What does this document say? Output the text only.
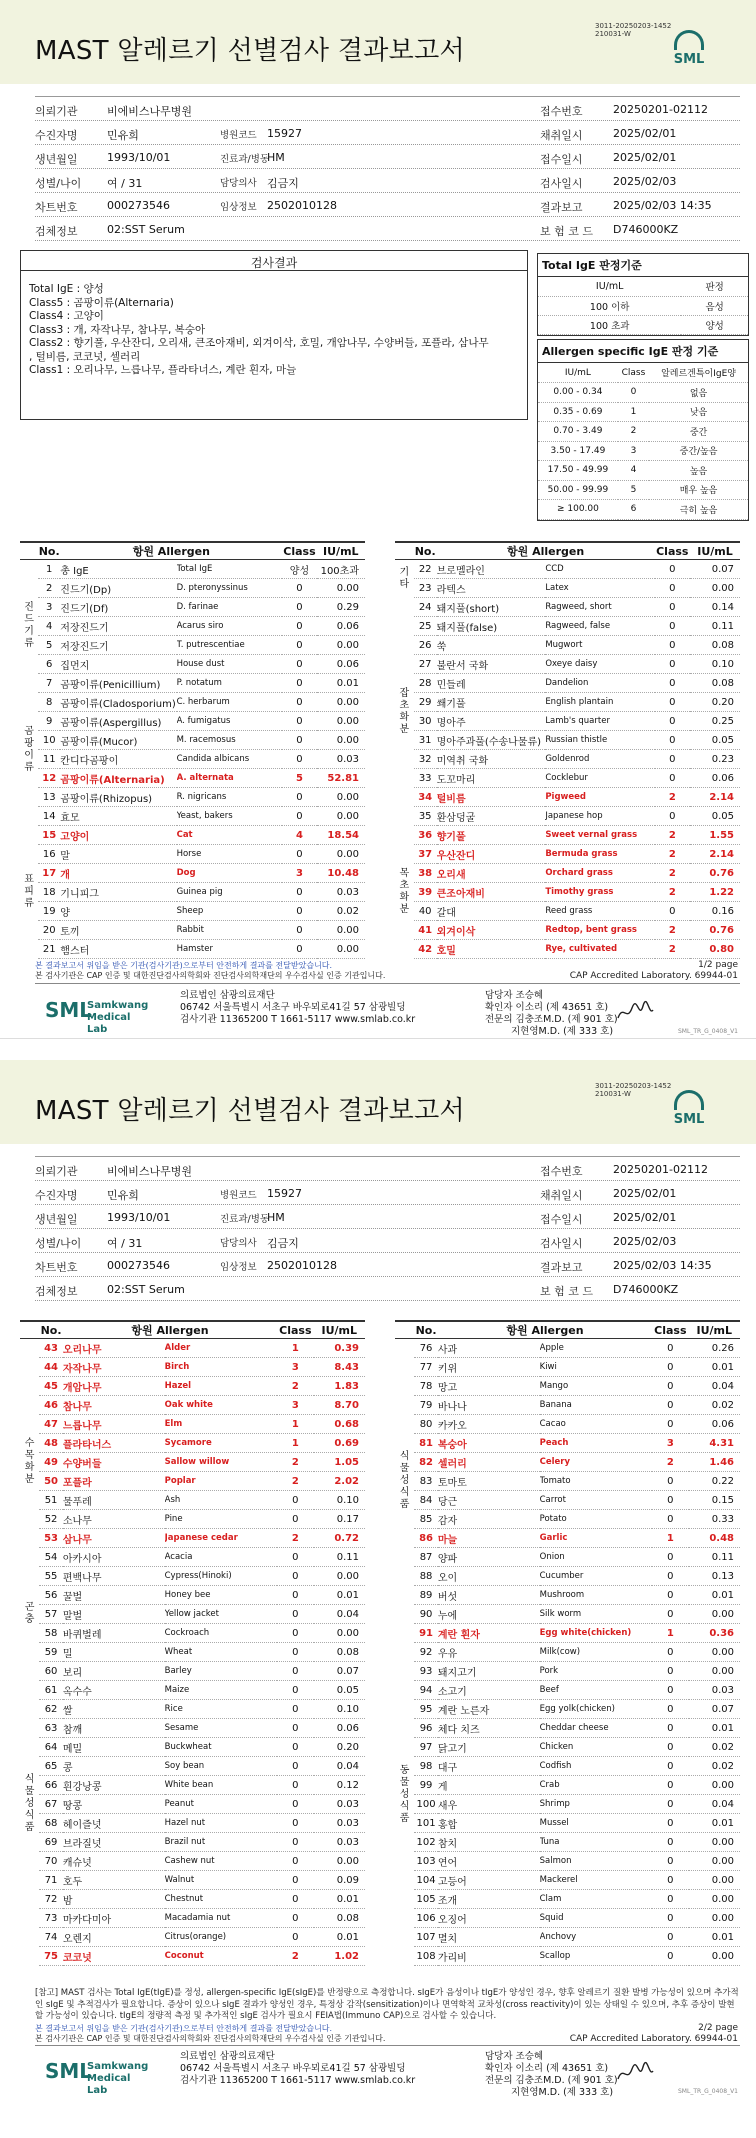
MAST 알레르기 선별검사 결과보고서
3011-20250203-1452
210031-W
SML
의뢰기관	비에비스나무병원	접수번호	20250201-02112
수진자명	민유희	병원코드 15927	채취일시	2025/02/01
생년월일	1993/10/01	진료과/병동
HM	접수일시	2025/02/01
성별/나이 여 / 31	담당의사 김금지	검사일시	2025/02/03
차트번호	000273546	임상정보 2502010128	결과보고	2025/02/03 14:35
검체정보	02:SST Serum	보 험 코 드 D746000KZ
검사결과
Total IgE : 양성
Class5 : 곰팡이류(Alternaria)
Class4 : 고양이
Class3 : 개, 자작나무, 참나무, 복숭아
Class2 : 향기풀, 우산잔디, 오리새, 큰조아재비, 외겨이삭, 호밀, 개암나무, 수양버들, 포플라, 삼나무
, 털비름, 코코넛, 셀러리
Class1 : 오리나무, 느릅나무, 플라타너스, 계란 흰자, 마늘
Total IgE 판정기준
IU/mL	판정
100 이하	음성
100 초과	양성
Allergen specific IgE 판정 기준
IU/mL	Class	알레르겐특이IgE양
0.00 - 0.34	0	없음
0.35 - 0.69	1	낮음
0.70 - 3.49	2	중간
3.50 - 17.49	3	중간/높음
17.50 - 49.99	4	높음
50.00 - 99.99	5	매우 높음
≥ 100.00	6	극히 높음
	No.	항원 Allergen		Class	IU/mL
	1	총 IgE	Total IgE	양성	100초과
진드기류	2	진드기(Dp)	D. pteronyssinus	0	0.00
	3	진드기(Df)	D. farinae	0	0.29
	4	저장진드기	Acarus siro	0	0.06
	5	저장진드기	T. putrescentiae	0	0.00
	6	집먼지	House dust	0	0.06
곰팡이류	7	곰팡이류(Penicillium)	P. notatum	0	0.01
	8	곰팡이류(Cladosporium)	C. herbarum	0	0.00
	9	곰팡이류(Aspergillus)	A. fumigatus	0	0.00
	10	곰팡이류(Mucor)	M. racemosus	0	0.00
	11	칸디다곰팡이	Candida albicans	0	0.03
	12	곰팡이류(Alternaria)	A. alternata	5	52.81
	13	곰팡이류(Rhizopus)	R. nigricans	0	0.00
	14	효모	Yeast, bakers	0	0.00
표피류	15	고양이	Cat	4	18.54
	16	말	Horse	0	0.00
	17	개	Dog	3	10.48
	18	기니피그	Guinea pig	0	0.03
	19	양	Sheep	0	0.02
	20	토끼	Rabbit	0	0.00
	21	햄스터	Hamster	0	0.00
	No.	항원 Allergen		Class	IU/mL
기타	22	브로멜라인	CCD	0	0.07
	23	라텍스	Latex	0	0.00
잡초화분	24	돼지풀(short)	Ragweed, short	0	0.14
	25	돼지풀(false)	Ragweed, false	0	0.11
	26	쑥	Mugwort	0	0.08
	27	불란서 국화	Oxeye daisy	0	0.10
	28	민들레	Dandelion	0	0.08
	29	쐐기풀	English plantain	0	0.20
	30	명아주	Lamb's quarter	0	0.25
	31	명아주과풀(수송나물류)	Russian thistle	0	0.05
	32	미역취 국화	Goldenrod	0	0.23
	33	도꼬마리	Cocklebur	0	0.06
	34	털비름	Pigweed	2	2.14
	35	환삼덩굴	Japanese hop	0	0.05
목초화분	36	향기풀	Sweet vernal grass	2	1.55
	37	우산잔디	Bermuda grass	2	2.14
	38	오리새	Orchard grass	2	0.76
	39	큰조아재비	Timothy grass	2	1.22
	40	갈대	Reed grass	0	0.16
	41	외겨이삭	Redtop, bent grass	2	0.76
	42	호밀	Rye, cultivated	2	0.80
본 결과보고서 위임을 받은 기관(검사기관)으로부터 안전하게 결과를 전달받았습니다.
본 검사기관은 CAP 인증 및 대한진단검사의학회와 진단검사의학재단의 우수검사실 인증 기관입니다.
1/2 page
CAP Accredited Laboratory. 69944-01
SML
Samkwang
Medical Lab
의료법인 삼광의료재단
06742 서울특별시 서초구 바우뫼로41길 57 삼광빌딩
검사기관 11365200 T 1661-5117 www.smlab.co.kr
담당자 조승혜
확인자 이소리 (제 43651 호)
전문의 김충조M.D. (제 901 호)
지현영M.D. (제 333 호)	SML_TR_G_0408_V1
MAST 알레르기 선별검사 결과보고서
3011-20250203-1452
210031-W
SML
의뢰기관	비에비스나무병원	접수번호	20250201-02112
수진자명	민유희	병원코드 15927	채취일시	2025/02/01
생년월일	1993/10/01	진료과/병동
HM	접수일시	2025/02/01
성별/나이 여 / 31	담당의사 김금지	검사일시	2025/02/03
차트번호	000273546	임상정보 2502010128	결과보고	2025/02/03 14:35
검체정보	02:SST Serum	보 험 코 드 D746000KZ
	No.	항원 Allergen		Class	IU/mL
수목화분	43	오리나무	Alder	1	0.39
	44	자작나무	Birch	3	8.43
	45	개암나무	Hazel	2	1.83
	46	참나무	Oak white	3	8.70
	47	느릅나무	Elm	1	0.68
	48	플라타너스	Sycamore	1	0.69
	49	수양버들	Sallow willow	2	1.05
	50	포플라	Poplar	2	2.02
	51	물푸레	Ash	0	0.10
	52	소나무	Pine	0	0.17
	53	삼나무	Japanese cedar	2	0.72
	54	아카시아	Acacia	0	0.11
	55	편백나무	Cypress(Hinoki)	0	0.00
곤충	56	꿀벌	Honey bee	0	0.01
	57	말벌	Yellow jacket	0	0.04
	58	바퀴벌레	Cockroach	0	0.00
식물성식품	59	밀	Wheat	0	0.08
	60	보리	Barley	0	0.07
	61	옥수수	Maize	0	0.05
	62	쌀	Rice	0	0.10
	63	참깨	Sesame	0	0.06
	64	메밀	Buckwheat	0	0.20
	65	콩	Soy bean	0	0.04
	66	흰강낭콩	White bean	0	0.12
	67	땅콩	Peanut	0	0.03
	68	헤이즐넛	Hazel nut	0	0.03
	69	브라질넛	Brazil nut	0	0.03
	70	캐슈넛	Cashew nut	0	0.00
	71	호두	Walnut	0	0.09
	72	밤	Chestnut	0	0.01
	73	마카다미아	Macadamia nut	0	0.08
	74	오렌지	Citrus(orange)	0	0.01
	75	코코넛	Coconut	2	1.02
	No.	항원 Allergen		Class	IU/mL
식물성식품	76	사과	Apple	0	0.26
	77	키위	Kiwi	0	0.01
	78	망고	Mango	0	0.04
	79	바나나	Banana	0	0.02
	80	카카오	Cacao	0	0.06
	81	복숭아	Peach	3	4.31
	82	셀러리	Celery	2	1.46
	83	토마토	Tomato	0	0.22
	84	당근	Carrot	0	0.15
	85	감자	Potato	0	0.33
	86	마늘	Garlic	1	0.48
	87	양파	Onion	0	0.11
	88	오이	Cucumber	0	0.13
	89	버섯	Mushroom	0	0.01
	90	누에	Silk worm	0	0.00
동물성식품	91	계란 흰자	Egg white(chicken)	1	0.36
	92	우유	Milk(cow)	0	0.00
	93	돼지고기	Pork	0	0.00
	94	소고기	Beef	0	0.03
	95	계란 노른자	Egg yolk(chicken)	0	0.07
	96	체다 치즈	Cheddar cheese	0	0.01
	97	닭고기	Chicken	0	0.02
	98	대구	Codfish	0	0.02
	99	게	Crab	0	0.00
	100	새우	Shrimp	0	0.04
	101	홍합	Mussel	0	0.01
	102	참치	Tuna	0	0.00
	103	연어	Salmon	0	0.00
	104	고등어	Mackerel	0	0.00
	105	조개	Clam	0	0.00
	106	오징어	Squid	0	0.00
	107	멸치	Anchovy	0	0.01
	108	가리비	Scallop	0	0.00
[참고] MAST 검사는 Total IgE(tIgE)를 정성, allergen-specific IgE(sIgE)를 반정량으로 측정합니다. sIgE가 음성이나 tIgE가 양성인 경우, 향후 알레르기 질환 발병 가능성이 있으며 추가적인 sIgE 및 추적검사가 필요합니다. 증상이 있으나 sIgE 결과가 양성인 경우, 특정상 감작(sensitization)이나 면역학적 교차성(cross reactivity)이 있는 상태일 수 있으며, 추후 증상이 발현할 가능성이 있습니다. tIgE의 정량적 측정 및 추가적인 sIgE 검사가 필요시 FEIA법(Immuno CAP)으로 검사할 수 있습니다.
본 결과보고서 위임을 받은 기관(검사기관)으로부터 안전하게 결과를 전달받았습니다.
본 검사기관은 CAP 인증 및 대한진단검사의학회와 진단검사의학재단의 우수검사실 인증 기관입니다.
2/2 page
CAP Accredited Laboratory. 69944-01
SML
Samkwang
Medical Lab
의료법인 삼광의료재단
06742 서울특별시 서초구 바우뫼로41길 57 삼광빌딩
검사기관 11365200 T 1661-5117 www.smlab.co.kr
담당자 조승혜
확인자 이소리 (제 43651 호)
전문의 김충조M.D. (제 901 호)
지현영M.D. (제 333 호)	SML_TR_G_0408_V1
